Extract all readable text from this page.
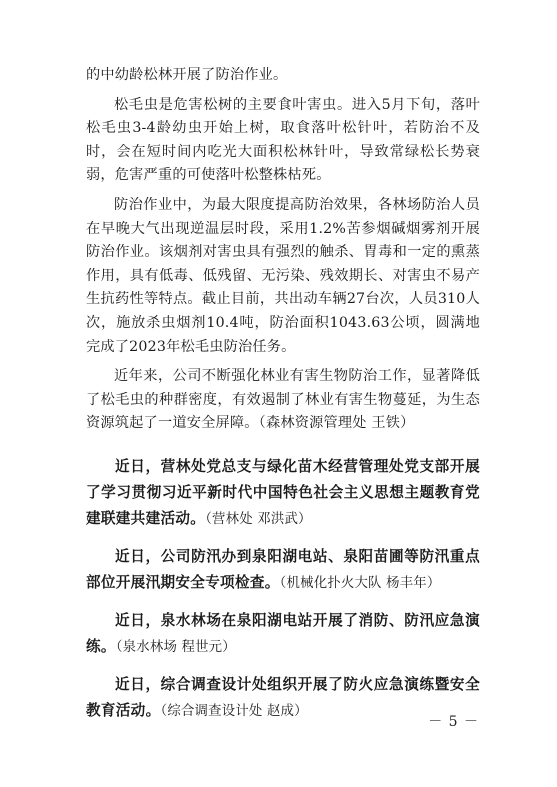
的中幼龄松林开展了防治作业。

松毛虫是危害松树的主要食叶害虫。进入5月下旬，落叶松毛虫3-4龄幼虫开始上树，取食落叶松针叶，若防治不及时，会在短时间内吃光大面积松林针叶，导致常绿松长势衰弱，危害严重的可使落叶松整株枯死。

防治作业中，为最大限度提高防治效果，各林场防治人员在早晚大气出现逆温层时段，采用1.2%苦参烟碱烟雾剂开展防治作业。该烟剂对害虫具有强烈的触杀、胃毒和一定的熏蒸作用，具有低毒、低残留、无污染、残效期长、对害虫不易产生抗药性等特点。截止目前，共出动车辆27台次，人员310人次，施放杀虫烟剂10.4吨，防治面积1043.63公顷，圆满地完成了2023年松毛虫防治任务。

近年来，公司不断强化林业有害生物防治工作，显著降低了松毛虫的种群密度，有效遏制了林业有害生物蔓延，为生态资源筑起了一道安全屏障。（森林资源管理处 王铁）

近日，营林处党总支与绿化苗木经营管理处党支部开展了学习贯彻习近平新时代中国特色社会主义思想主题教育党建联建共建活动。（营林处 邓洪武）

近日，公司防汛办到泉阳湖电站、泉阳苗圃等防汛重点部位开展汛期安全专项检查。（机械化扑火大队 杨丰年）

近日，泉水林场在泉阳湖电站开展了消防、防汛应急演练。（泉水林场 程世元）

近日，综合调查设计处组织开展了防火应急演练暨安全教育活动。（综合调查设计处 赵成）

－ 5 －
